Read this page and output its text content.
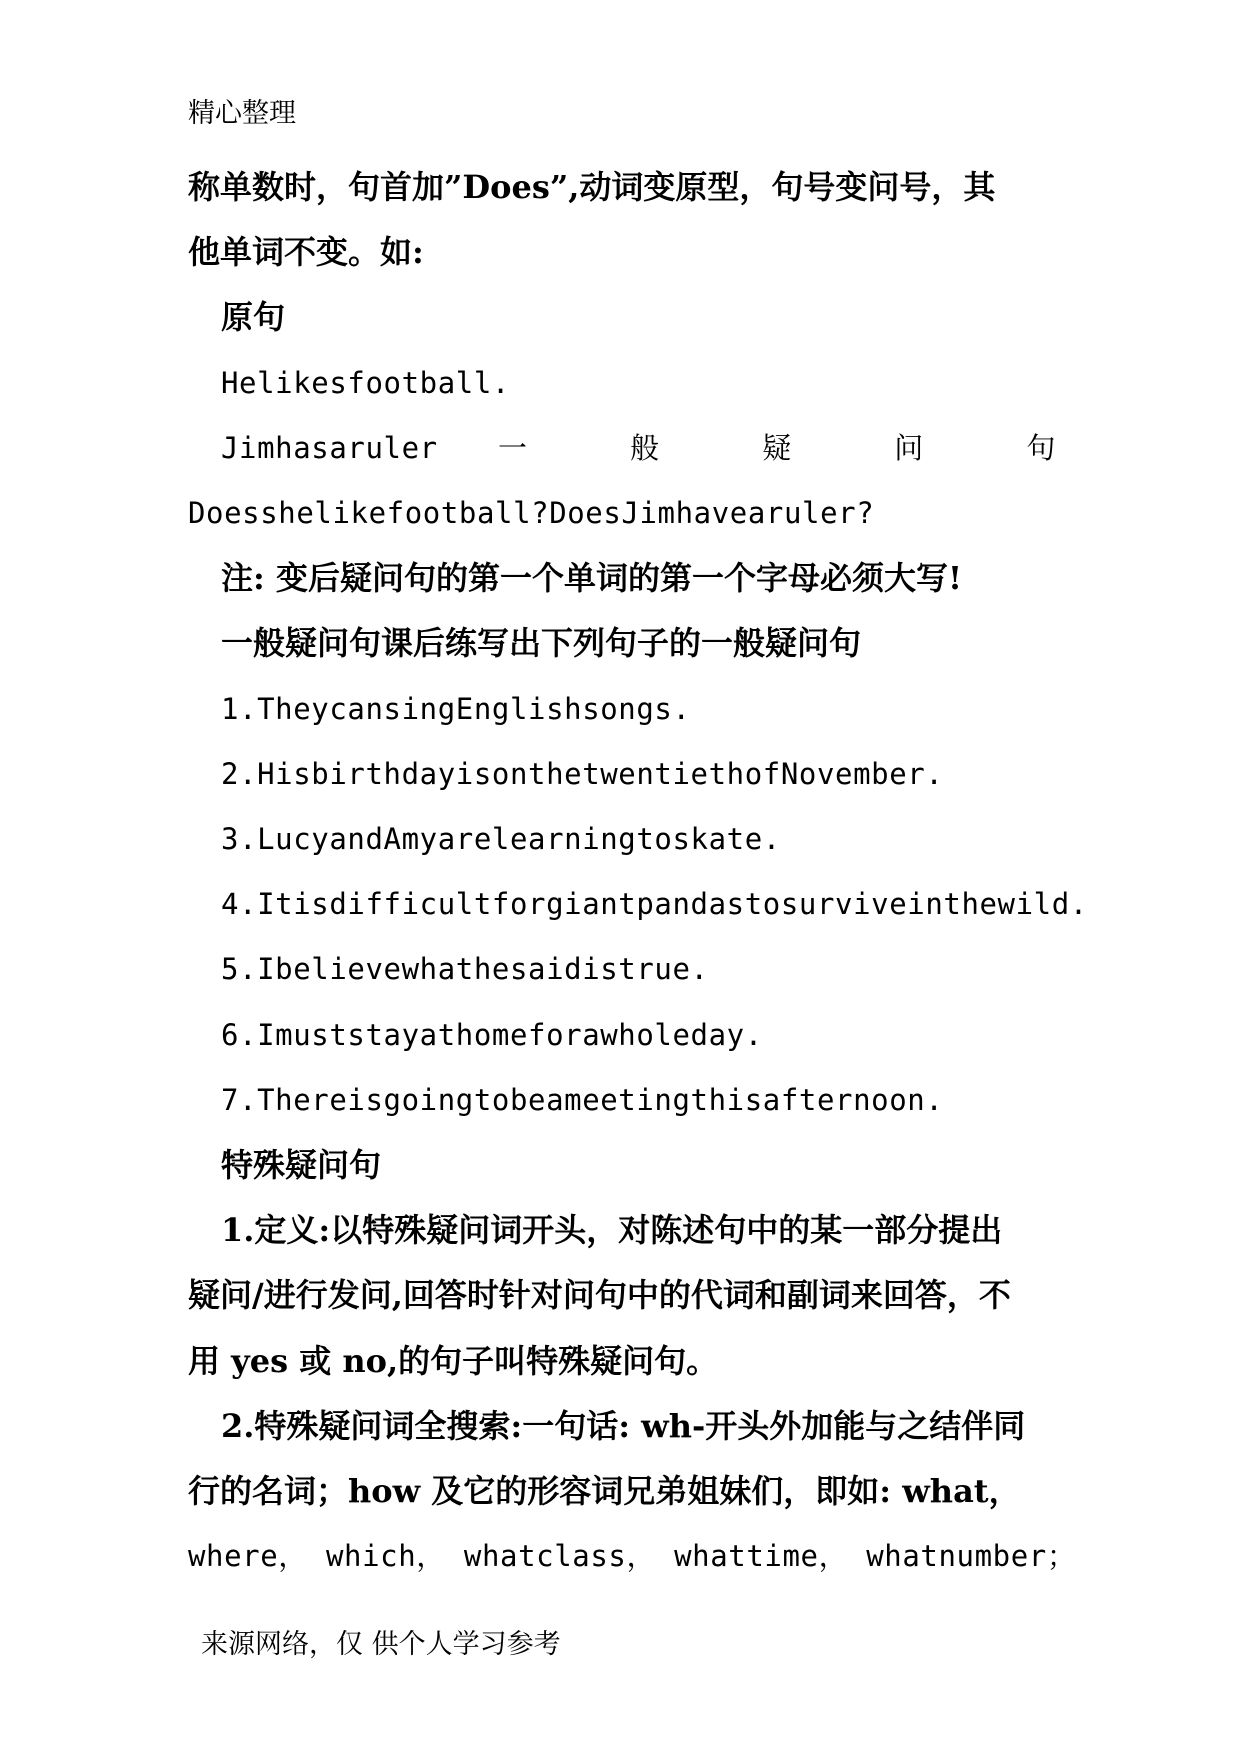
精心整理

称单数时，句首加”Does”,动词变原型，句号变问号，其

他单词不变。如:

原句

Helikesfootball.

Jimhasaruler 一 般 疑 问 句

Doesshelikefootball?DoesJimhavearuler?

注: 变后疑问句的第一个单词的第一个字母必须大写!

一般疑问句课后练写出下列句子的一般疑问句

1.TheycansingEnglishsongs.

2.HisbirthdayisonthetwentiethofNovember.

3.LucyandAmyarelearningtoskate.

4.Itisdifficultforgiantpandastosurviveinthewild.

5.Ibelievewhathesaidistrue.

6.Imuststayathomeforawholeday.

7.Thereisgoingtobeameetingthisafternoon.

特殊疑问句

1.定义:以特殊疑问词开头，对陈述句中的某一部分提出

疑问/进行发问,回答时针对问句中的代词和副词来回答，不

用 yes 或 no,的句子叫特殊疑问句。

2.特殊疑问词全搜索:一句话: wh-开头外加能与之结伴同

行的名词；how 及它的形容词兄弟姐妹们，即如: what，

where， which， whatclass， whattime， whatnumber；

来源网络，仅 供个人学习参考
